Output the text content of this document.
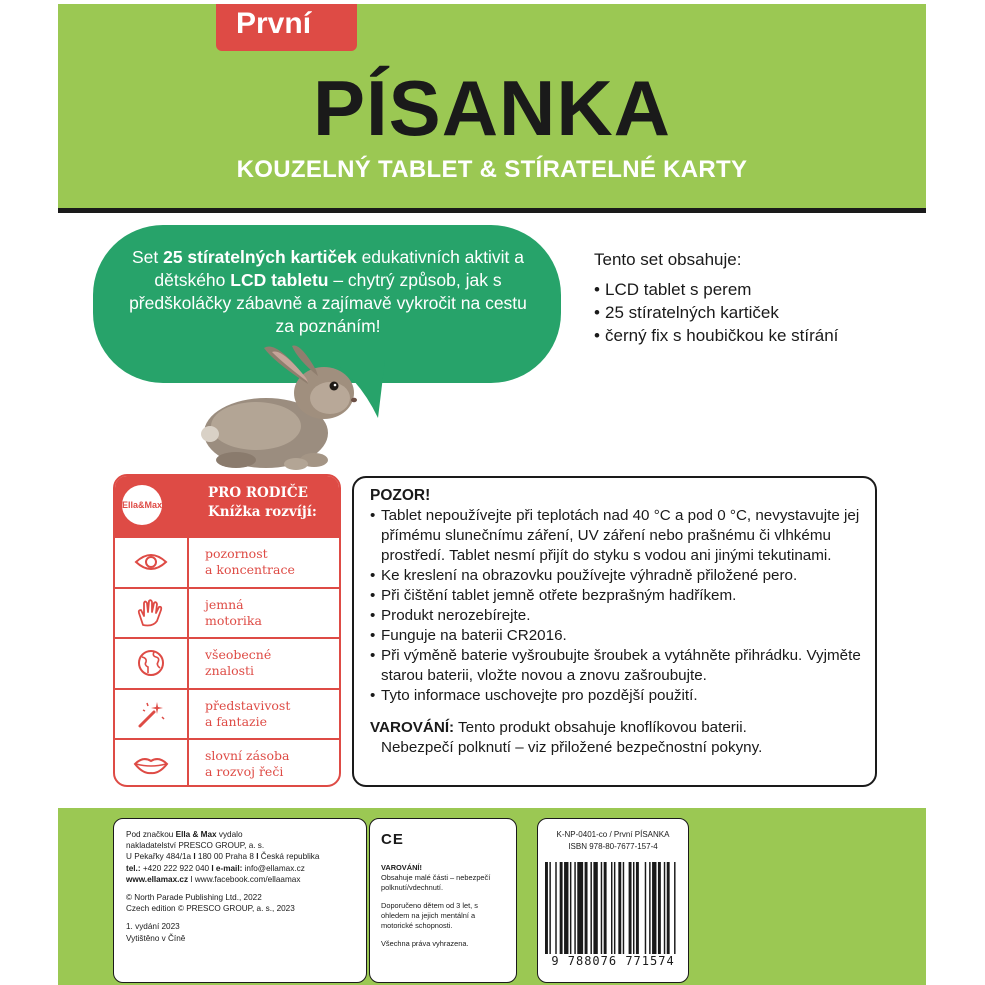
PÍSANKA
KOUZELNÝ TABLET & STÍRATELNÉ KARTY
První
Set 25 stíratelných kartiček edukativních aktivit a dětského LCD tabletu – chytrý způsob, jak s předškoláčky zábavně a zajímavě vykročit na cestu za poznáním!
Tento set obsahuje:
• LCD tablet s perem
• 25 stíratelných kartiček
• černý fix s houbičkou ke stírání
Ella&Max
PRO RODIČE
Knížka rozvíjí:
pozornost
a koncentrace
jemná
motorika
všeobecné
znalosti
představivost
a fantazie
slovní zásoba
a rozvoj řeči
POZOR!
• Tablet nepoužívejte při teplotách nad 40 °C a pod 0 °C, nevystavujte jej přímému slunečnímu záření, UV záření nebo prašnému či vlhkému prostředí. Tablet nesmí přijít do styku s vodou ani jinými tekutinami.
• Ke kreslení na obrazovku používejte výhradně přiložené pero.
• Při čištění tablet jemně otřete bezprašným hadříkem.
• Produkt nerozebírejte.
• Funguje na baterii CR2016.
• Při výměně baterie vyšroubujte šroubek a vytáhněte přihrádku. Vyjměte starou baterii, vložte novou a znovu zašroubujte.
• Tyto informace uschovejte pro pozdější použití.
VAROVÁNÍ: Tento produkt obsahuje knoflíkovou baterii.
Nebezpečí polknutí – viz přiložené bezpečnostní pokyny.

Pod značkou Ella & Max vydalo
nakladatelství PRESCO GROUP, a. s.
U Pekařky 484/1a I 180 00 Praha 8 I Česká republika
tel.: +420 222 922 040 I e-mail: info@ellamax.cz
www.ellamax.cz I www.facebook.com/ellaamax

© North Parade Publishing Ltd., 2022
Czech edition © PRESCO GROUP, a. s., 2023

1. vydání 2023
Vytištěno v Číně

CE

VAROVÁNÍ!
Obsahuje malé části – nebezpečí polknutí/vdechnutí.

Doporučeno dětem od 3 let, s ohledem na jejich mentální a motorické schopnosti.

Všechna práva vyhrazena.

K-NP-0401-co / První PÍSANKA
ISBN 978-80-7677-157-4
9 788076 771574
